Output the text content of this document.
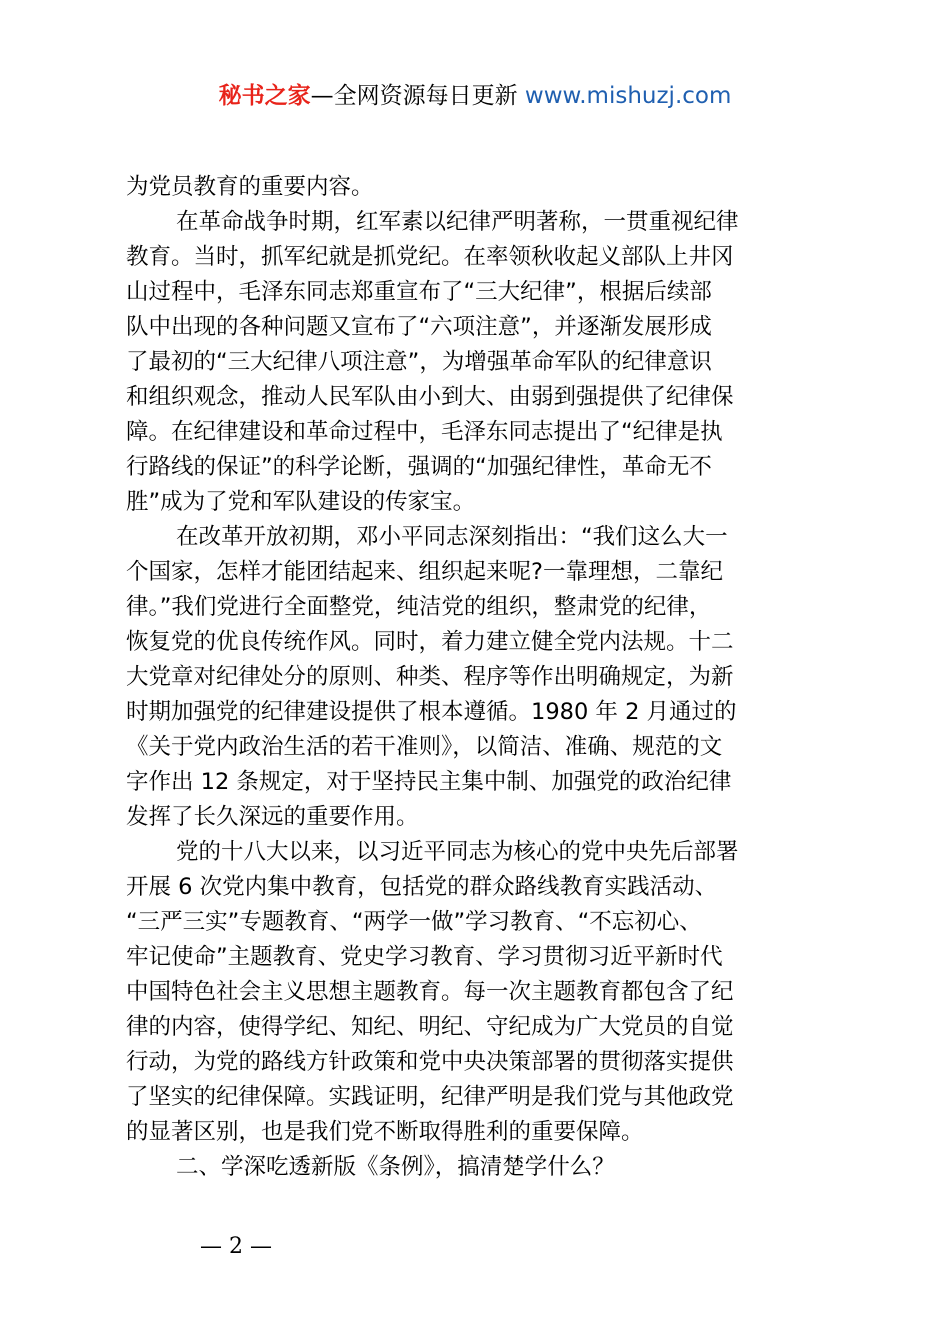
秘书之家—全网资源每日更新 www.mishuzj.com
为党员教育的重要内容。
在革命战争时期，红军素以纪律严明著称，一贯重视纪律
教育。当时，抓军纪就是抓党纪。在率领秋收起义部队上井冈
山过程中，毛泽东同志郑重宣布了“三大纪律”，根据后续部
队中出现的各种问题又宣布了“六项注意”，并逐渐发展形成
了最初的“三大纪律八项注意”，为增强革命军队的纪律意识
和组织观念，推动人民军队由小到大、由弱到强提供了纪律保
障。在纪律建设和革命过程中，毛泽东同志提出了“纪律是执
行路线的保证”的科学论断，强调的“加强纪律性，革命无不
胜”成为了党和军队建设的传家宝。
在改革开放初期，邓小平同志深刻指出：“我们这么大一
个国家，怎样才能团结起来、组织起来呢?一靠理想，二靠纪
律。”我们党进行全面整党，纯洁党的组织，整肃党的纪律，
恢复党的优良传统作风。同时，着力建立健全党内法规。十二
大党章对纪律处分的原则、种类、程序等作出明确规定，为新
时期加强党的纪律建设提供了根本遵循。1980 年 2 月通过的
《关于党内政治生活的若干准则》，以简洁、准确、规范的文
字作出 12 条规定，对于坚持民主集中制、加强党的政治纪律
发挥了长久深远的重要作用。
党的十八大以来，以习近平同志为核心的党中央先后部署
开展 6 次党内集中教育，包括党的群众路线教育实践活动、
“三严三实”专题教育、“两学一做”学习教育、“不忘初心、
牢记使命”主题教育、党史学习教育、学习贯彻习近平新时代
中国特色社会主义思想主题教育。每一次主题教育都包含了纪
律的内容，使得学纪、知纪、明纪、守纪成为广大党员的自觉
行动，为党的路线方针政策和党中央决策部署的贯彻落实提供
了坚实的纪律保障。实践证明，纪律严明是我们党与其他政党
的显著区别，也是我们党不断取得胜利的重要保障。
二、学深吃透新版《条例》，搞清楚学什么？
— 2 —
